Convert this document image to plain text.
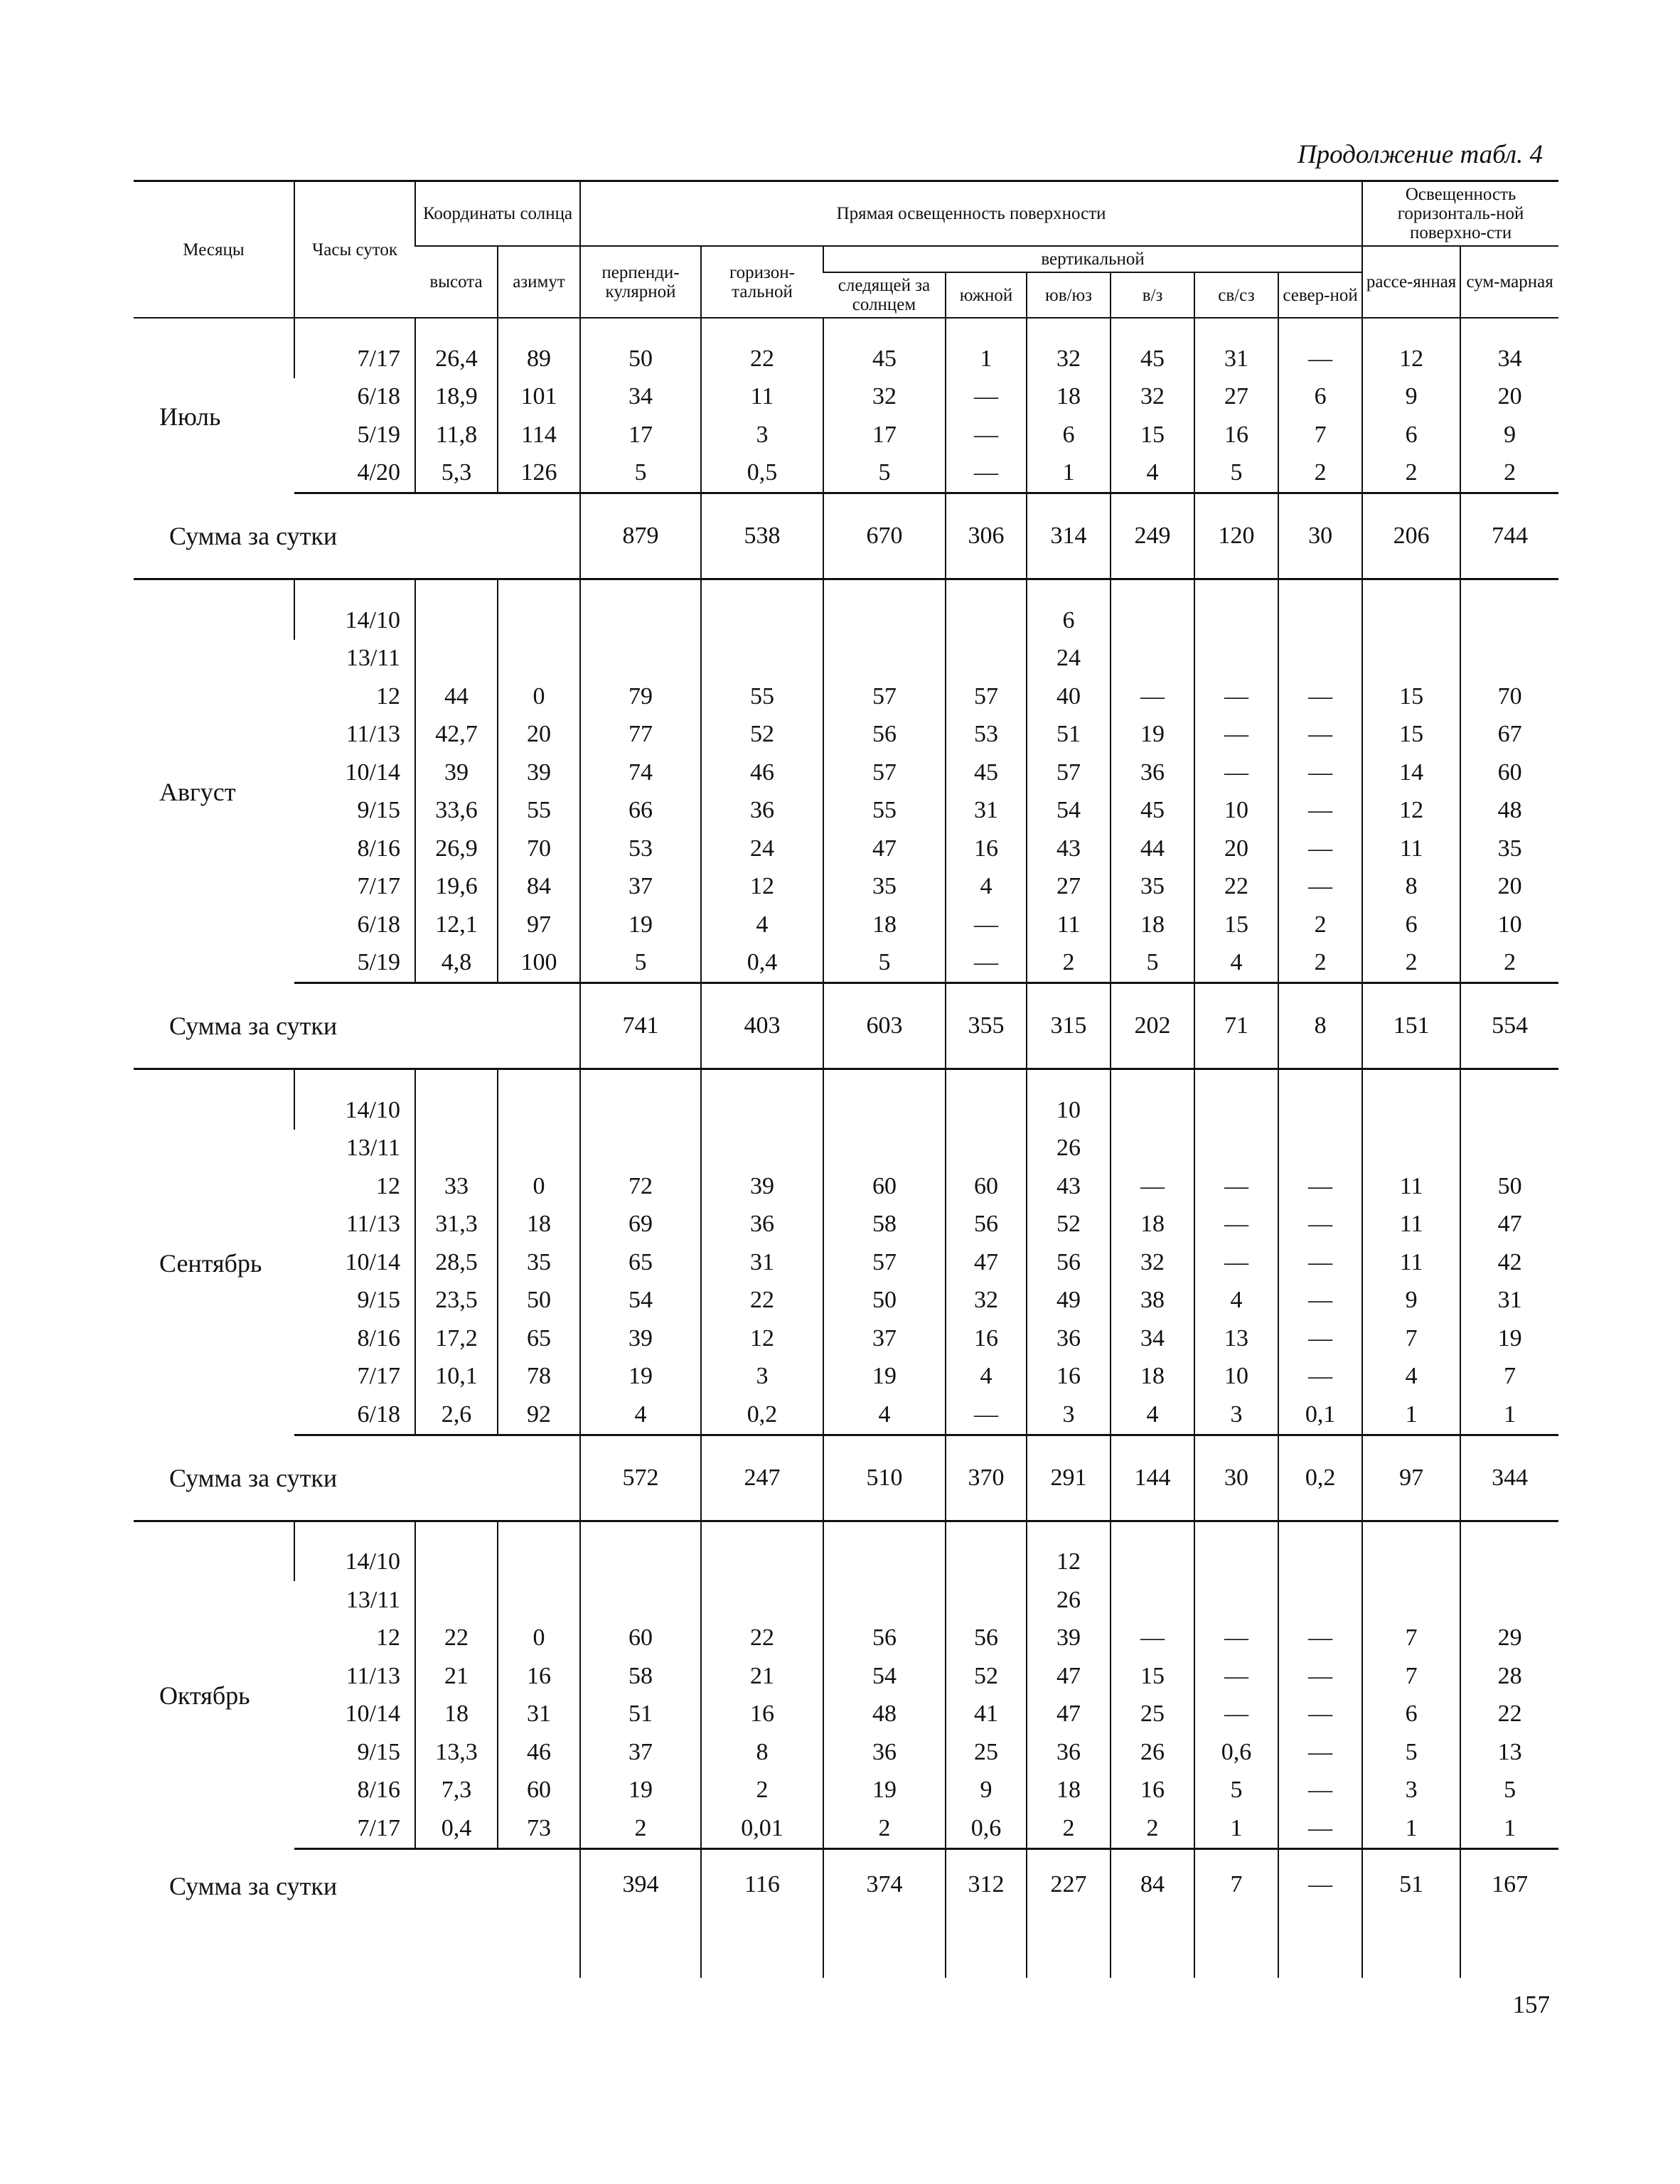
Продолжение табл. 4
Месяцы	Часы суток	Координаты солнца		Прямая освещенность поверхности								Освещенность горизонталь-ной поверхно-сти	
		высота	азимут	перпенди-кулярной	горизон-тальной	вертикальной						рассе-янная	сум-марная
						следящей за солнцем	южной	юв/юз	в/з	св/сз	север-ной		

Июль	7/17	26,4	89	50	22	45	1	32	45	31	—	12	34
	6/18	18,9	101	34	11	32	—	18	32	27	6	9	20
	5/19	11,8	114	17	3	17	—	6	15	16	7	6	9
	4/20	5,3	126	5	0,5	5	—	1	4	5	2	2	2
Сумма за сутки				879	538	670	306	314	249	120	30	206	744

Август	14/10							6					
	13/11							24					
	12	44	0	79	55	57	57	40	—	—	—	15	70
	11/13	42,7	20	77	52	56	53	51	19	—	—	15	67
	10/14	39	39	74	46	57	45	57	36	—	—	14	60
	9/15	33,6	55	66	36	55	31	54	45	10	—	12	48
	8/16	26,9	70	53	24	47	16	43	44	20	—	11	35
	7/17	19,6	84	37	12	35	4	27	35	22	—	8	20
	6/18	12,1	97	19	4	18	—	11	18	15	2	6	10
	5/19	4,8	100	5	0,4	5	—	2	5	4	2	2	2
Сумма за сутки				741	403	603	355	315	202	71	8	151	554

Сентябрь	14/10							10					
	13/11							26					
	12	33	0	72	39	60	60	43	—	—	—	11	50
	11/13	31,3	18	69	36	58	56	52	18	—	—	11	47
	10/14	28,5	35	65	31	57	47	56	32	—	—	11	42
	9/15	23,5	50	54	22	50	32	49	38	4	—	9	31
	8/16	17,2	65	39	12	37	16	36	34	13	—	7	19
	7/17	10,1	78	19	3	19	4	16	18	10	—	4	7
	6/18	2,6	92	4	0,2	4	—	3	4	3	0,1	1	1
Сумма за сутки				572	247	510	370	291	144	30	0,2	97	344

Октябрь	14/10							12					
	13/11							26					
	12	22	0	60	22	56	56	39	—	—	—	7	29
	11/13	21	16	58	21	54	52	47	15	—	—	7	28
	10/14	18	31	51	16	48	41	47	25	—	—	6	22
	9/15	13,3	46	37	8	36	25	36	26	0,6	—	5	13
	8/16	7,3	60	19	2	19	9	18	16	5	—	3	5
	7/17	0,4	73	2	0,01	2	0,6	2	2	1	—	1	1
Сумма за сутки				394	116	374	312	227	84	7	—	51	167
157
